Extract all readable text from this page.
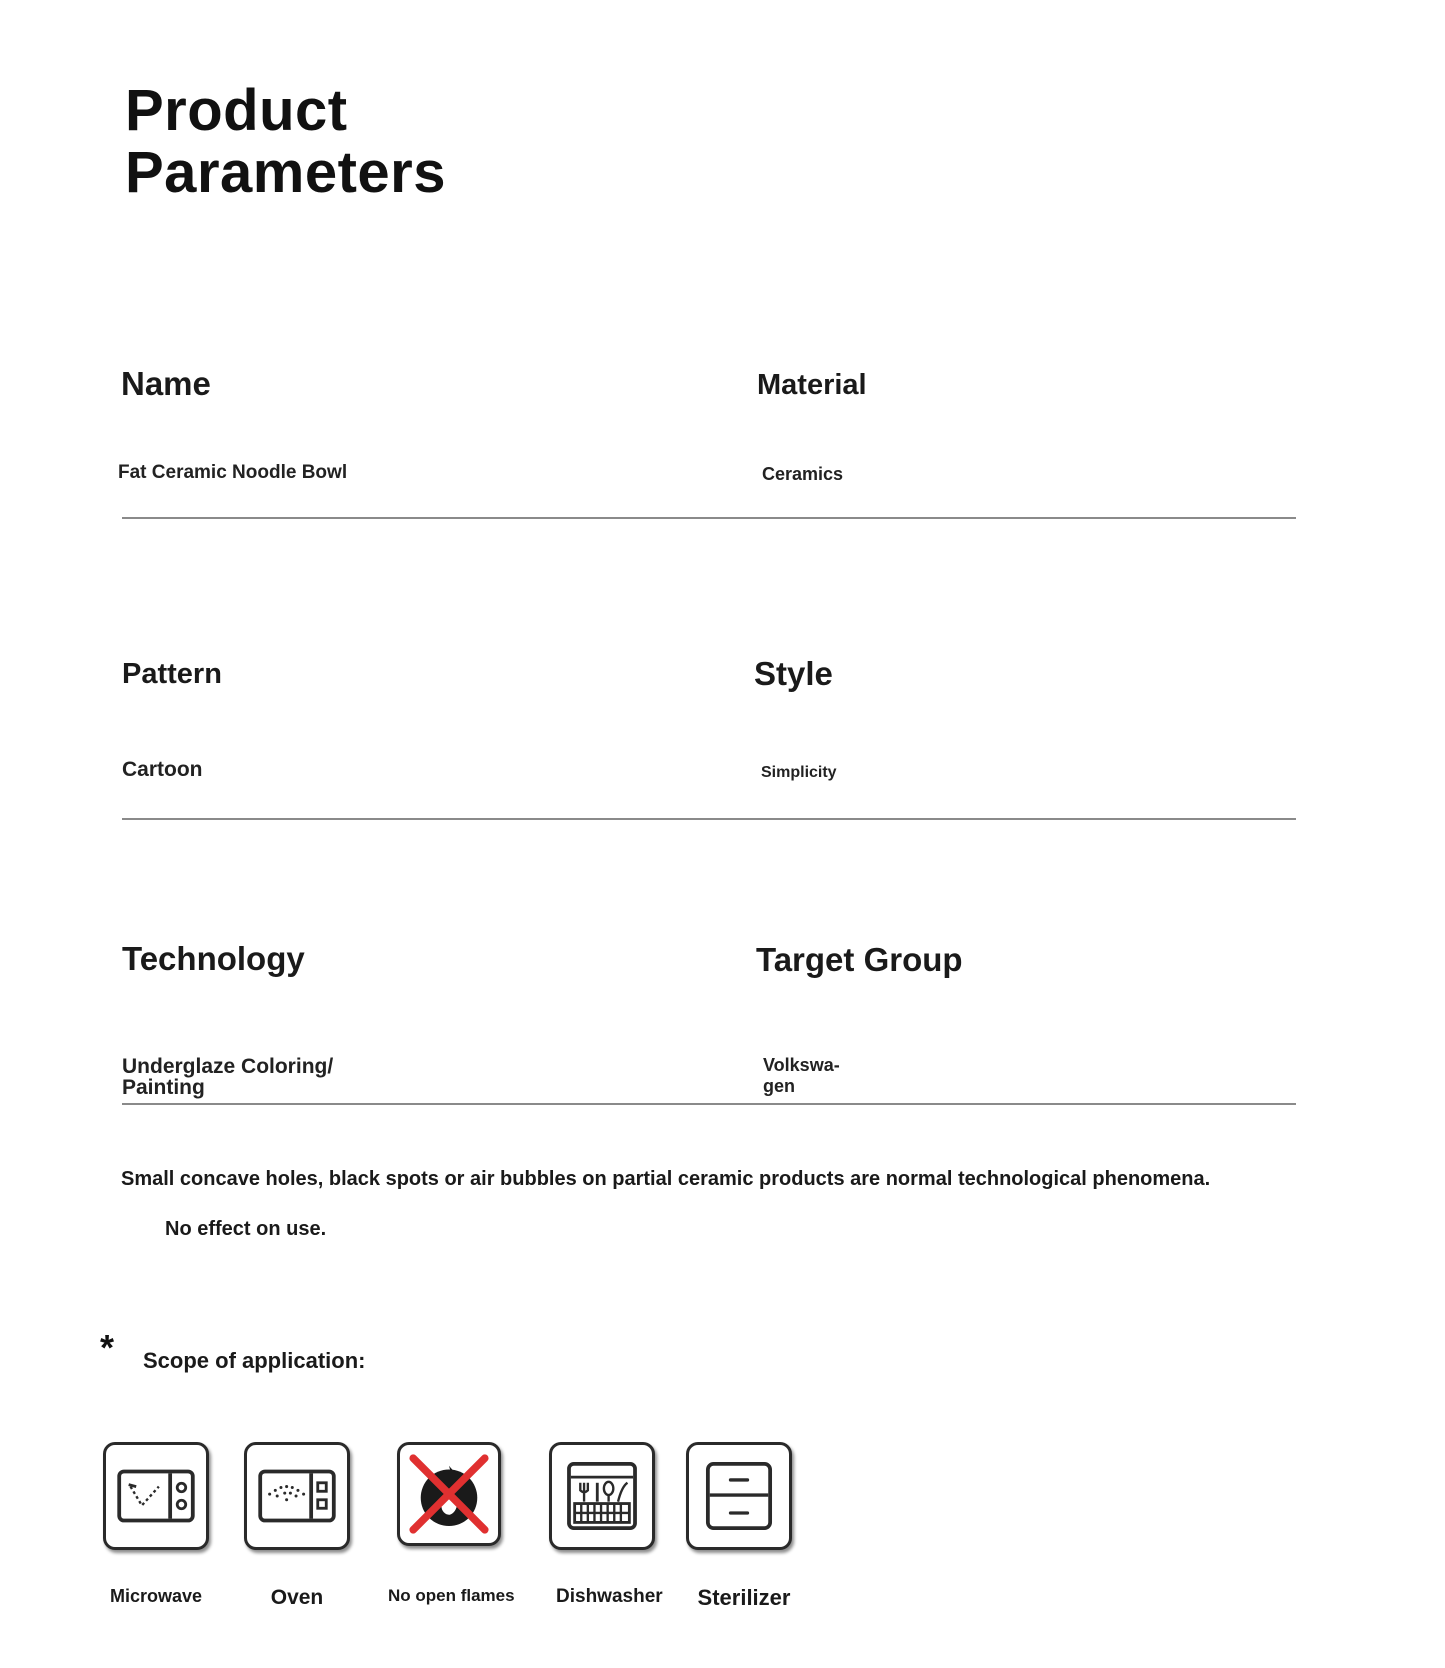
Product
Parameters

Name

Fat Ceramic Noodle Bowl

Material

Ceramics

Pattern

Cartoon

Style

Simplicity

Technology

Underglaze Coloring/
Painting

Target Group

Volkswa-
gen

Small concave holes, black spots or air bubbles on partial ceramic products are normal technological phenomena.

No effect on use.

* Scope of application:

Microwave	Oven	No open flames Dishwasher Sterilizer
